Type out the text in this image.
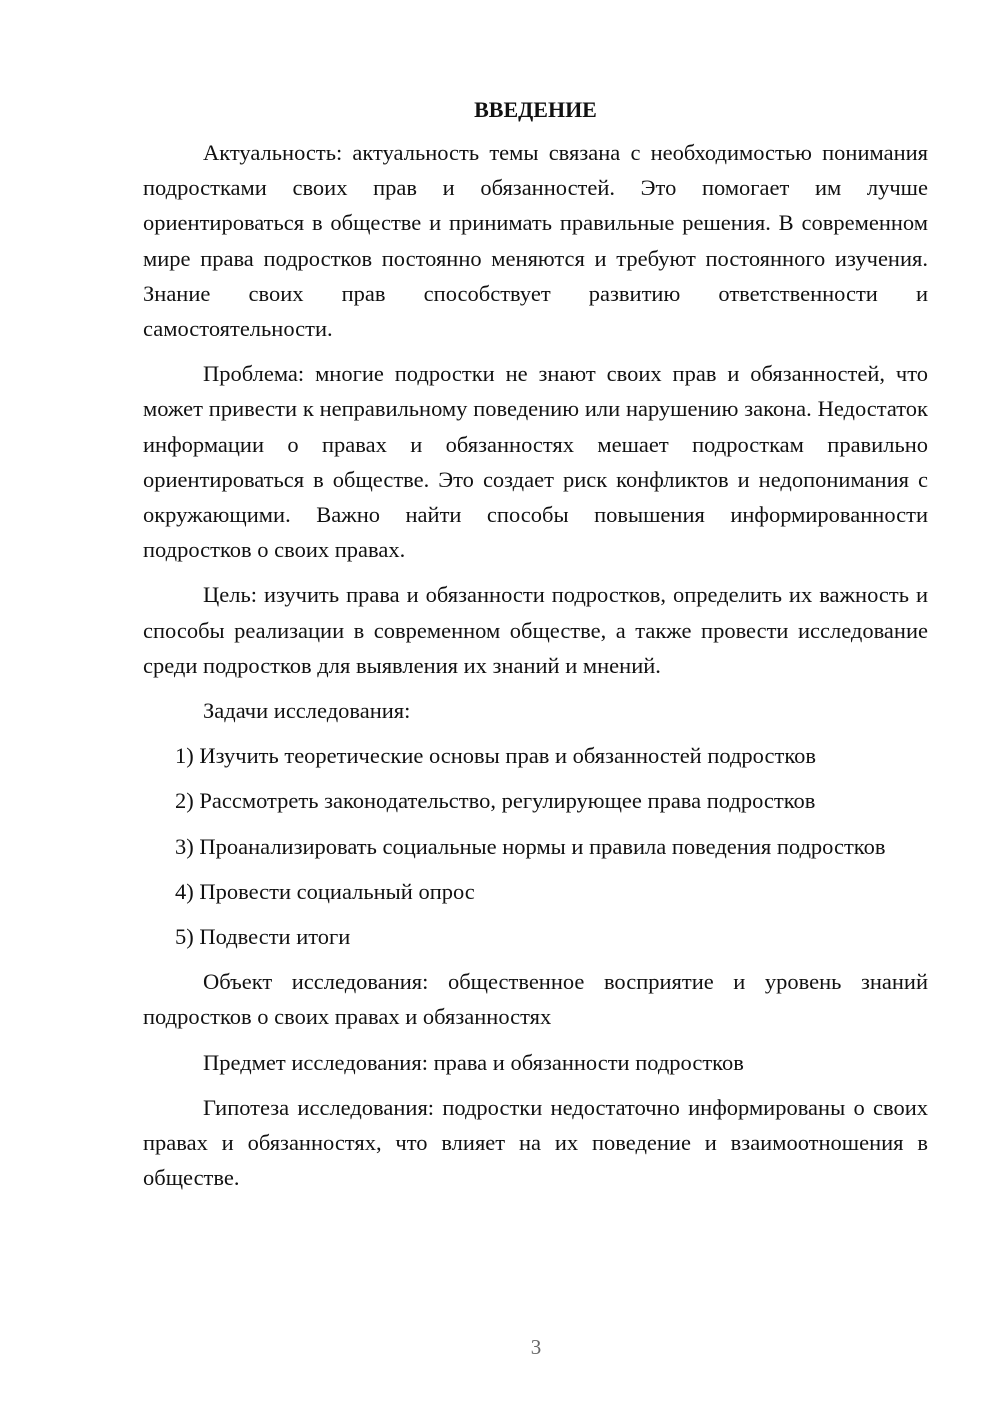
ВВЕДЕНИЕ

Актуальность: актуальность темы связана с необходимостью понимания подростками своих прав и обязанностей. Это помогает им лучше ориентироваться в обществе и принимать правильные решения. В современном мире права подростков постоянно меняются и требуют постоянного изучения. Знание своих прав способствует развитию ответственности и самостоятельности.

Проблема: многие подростки не знают своих прав и обязанностей, что может привести к неправильному поведению или нарушению закона. Недостаток информации о правах и обязанностях мешает подросткам правильно ориентироваться в обществе. Это создает риск конфликтов и недопонимания с окружающими. Важно найти способы повышения информированности подростков о своих правах.

Цель: изучить права и обязанности подростков, определить их важность и способы реализации в современном обществе, а также провести исследование среди подростков для выявления их знаний и мнений.

Задачи исследования:

1) Изучить теоретические основы прав и обязанностей подростков

2) Рассмотреть законодательство, регулирующее права подростков

3) Проанализировать социальные нормы и правила поведения подростков

4) Провести социальный опрос

5) Подвести итоги

Объект исследования: общественное восприятие и уровень знаний подростков о своих правах и обязанностях

Предмет исследования: права и обязанности подростков

Гипотеза исследования: подростки недостаточно информированы о своих правах и обязанностях, что влияет на их поведение и взаимоотношения в обществе.

3
